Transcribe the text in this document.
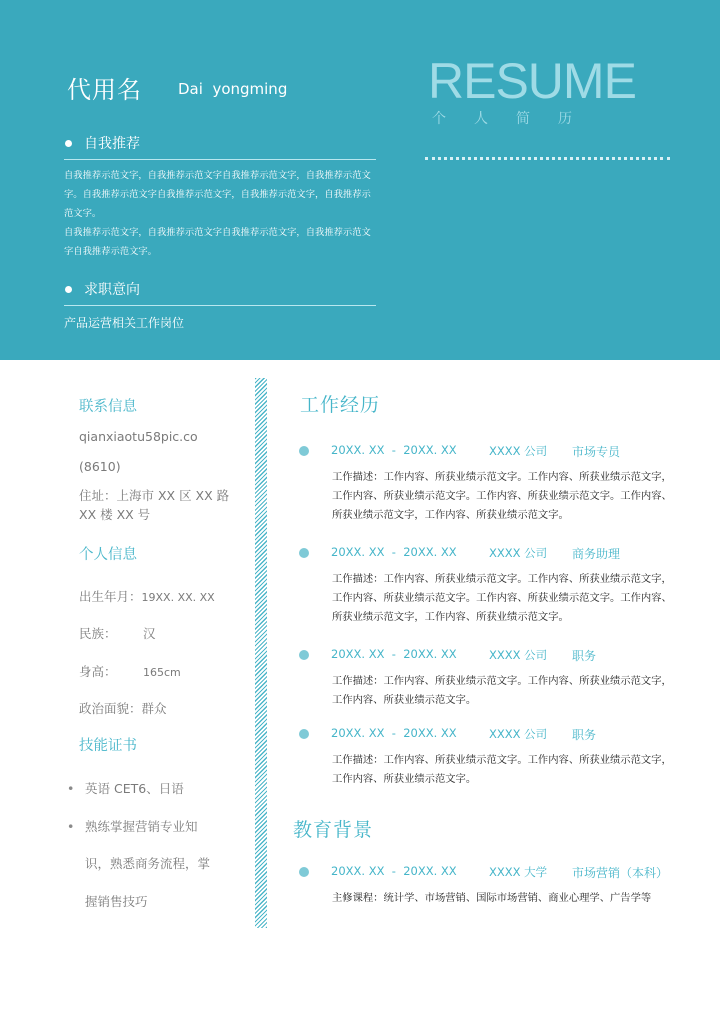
代用名 Dai  yongming	RESUME
个人简历
自我推荐
自我推荐示范文字，自我推荐示范文字自我推荐示范文字，自我推荐示范文字。自我推荐示范文字自我推荐示范文字，自我推荐示范文字，自我推荐示范文字。
自我推荐示范文字，自我推荐示范文字自我推荐示范文字，自我推荐示范文字自我推荐示范文字。
求职意向
产品运营相关工作岗位
联系信息
qianxiaotu58pic.co
(8610)
住址：上海市 XX 区 XX 路
XX 楼 XX 号
个人信息
出生年月：19XX. XX. XX
民族： 汉
身高： 165cm
政治面貌：群众
技能证书
• 英语 CET6、日语
• 熟练掌握营销专业知
识，熟悉商务流程，掌
握销售技巧
工作经历
20XX. XX  -  20XX. XX	XXXX 公司 市场专员
工作描述：工作内容、所获业绩示范文字。工作内容、所获业绩示范文字，工作内容、所获业绩示范文字。工作内容、所获业绩示范文字。工作内容、所获业绩示范文字，工作内容、所获业绩示范文字。
20XX. XX  -  20XX. XX	XXXX 公司 商务助理
工作描述：工作内容、所获业绩示范文字。工作内容、所获业绩示范文字，工作内容、所获业绩示范文字。工作内容、所获业绩示范文字。工作内容、所获业绩示范文字，工作内容、所获业绩示范文字。
20XX. XX  -  20XX. XX	XXXX 公司 职务
工作描述：工作内容、所获业绩示范文字。工作内容、所获业绩示范文字，工作内容、所获业绩示范文字。
20XX. XX  -  20XX. XX	XXXX 公司 职务
工作描述：工作内容、所获业绩示范文字。工作内容、所获业绩示范文字，工作内容、所获业绩示范文字。
教育背景
20XX. XX  -  20XX. XX	XXXX 大学 市场营销（本科）
主修课程：统计学、市场营销、国际市场营销、商业心理学、广告学等
